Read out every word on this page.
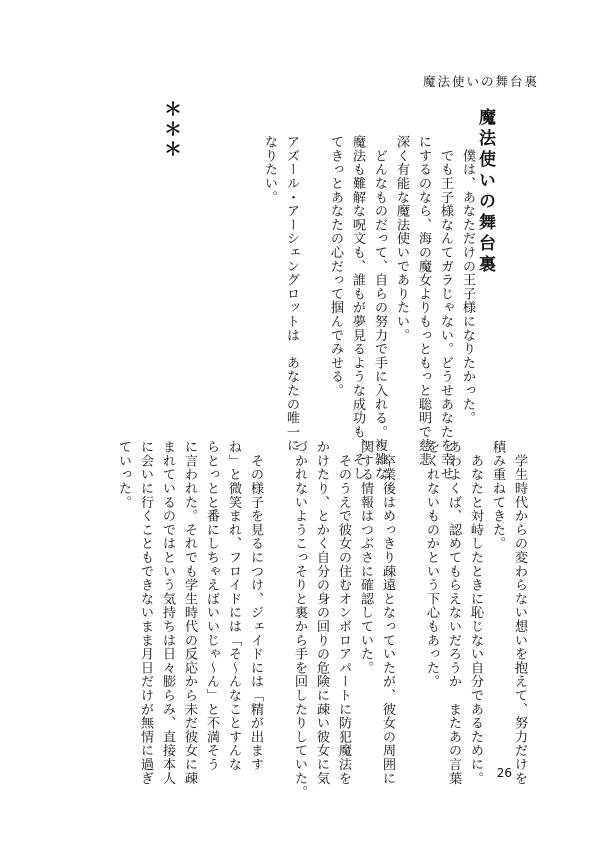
魔法使いの舞台裏
魔法使いの舞台裏
　僕は、あなただけの王子様になりたかった。
　でも王子様なんてガラじゃない。どうせあなたを幸せ
にするのなら、海の魔女よりもっともっと聡明で慈悲
深く有能な魔法使いでありたい。
　どんなものだって、自らの努力で手に入れる。複雑な
魔法も難解な呪文も、誰もが夢見るような成功も、そし
てきっとあなたの心だって掴んでみせる。
アズール・アーシェングロットは　あなたの唯一に
なりたい。
＊＊＊
　学生時代からの変わらない想いを抱えて、努力だけを
積み重ねてきた。
　あなたと対峙したときに恥じない自分であるために。
あわよくば、認めてもらえないだろうか　またあの言葉
をくれないものかという下心もあった。
　卒業後はめっきり疎遠となっていたが、彼女の周囲に
関する情報はつぶさに確認していた。
　そのうえで彼女の住むオンボロアパートに防犯魔法を
かけたり、とかく自分の身の回りの危険に疎い彼女に気
づかれないようこっそりと裏から手を回したりしていた。
　その様子を見るにつけ、ジェイドには「精が出ます
ね」と微笑まれ、フロイドには「そ〜んなことすんな
らとっとと番にしちゃえばいいじゃ〜ん」と不満そう
に言われた。それでも学生時代の反応から未だ彼女に疎
まれているのではという気持ちは日々膨らみ、直接本人
に会いに行くこともできないまま月日だけが無情に過ぎ
ていった。
26
